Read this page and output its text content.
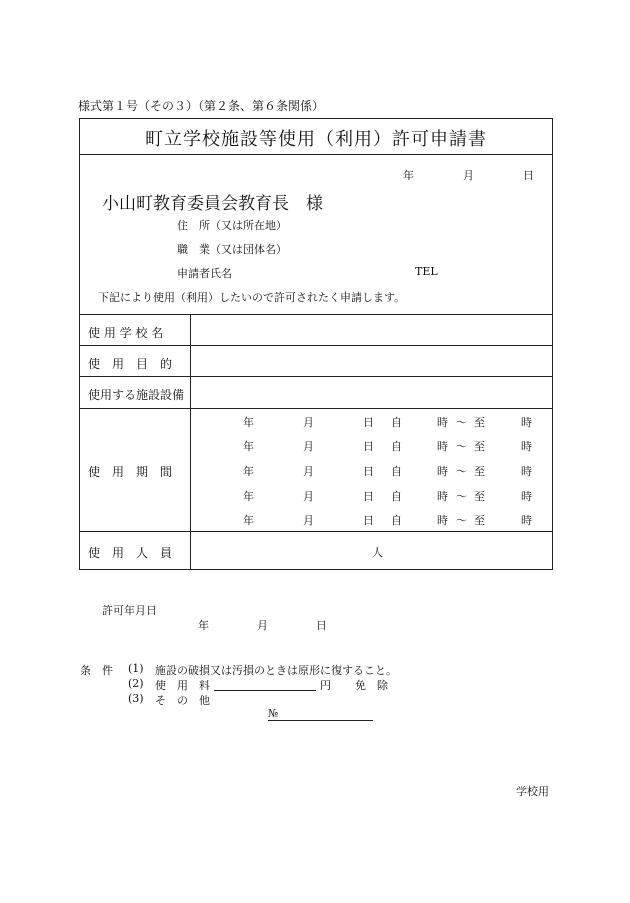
様式第１号（その３）（第２条、第６条関係）
町立学校施設等使用（利用）許可申請書
年	月	日
小山町教育委員会教育長　様
住　所（又は所在地）
職　業（又は団体名）
申請者氏名	TEL
下記により使用（利用）したいので許可されたく申請します。
使 用 学 校 名
使　用　目　的
使用する施設設備
使　用　期　間
年	月	日 自	時 ～ 至	時
年	月	日 自	時 ～ 至	時
年	月	日 自	時 ～ 至	時
年	月	日 自	時 ～ 至	時
年	月	日 自	時 ～ 至	時
使　用　人　員	人
許可年月日
年	月	日
条　件 (1) 施設の破損又は汚損のときは原形に復すること。
(2) 使　用　料	円 免　除
(3) そ　の　他
№
学校用
